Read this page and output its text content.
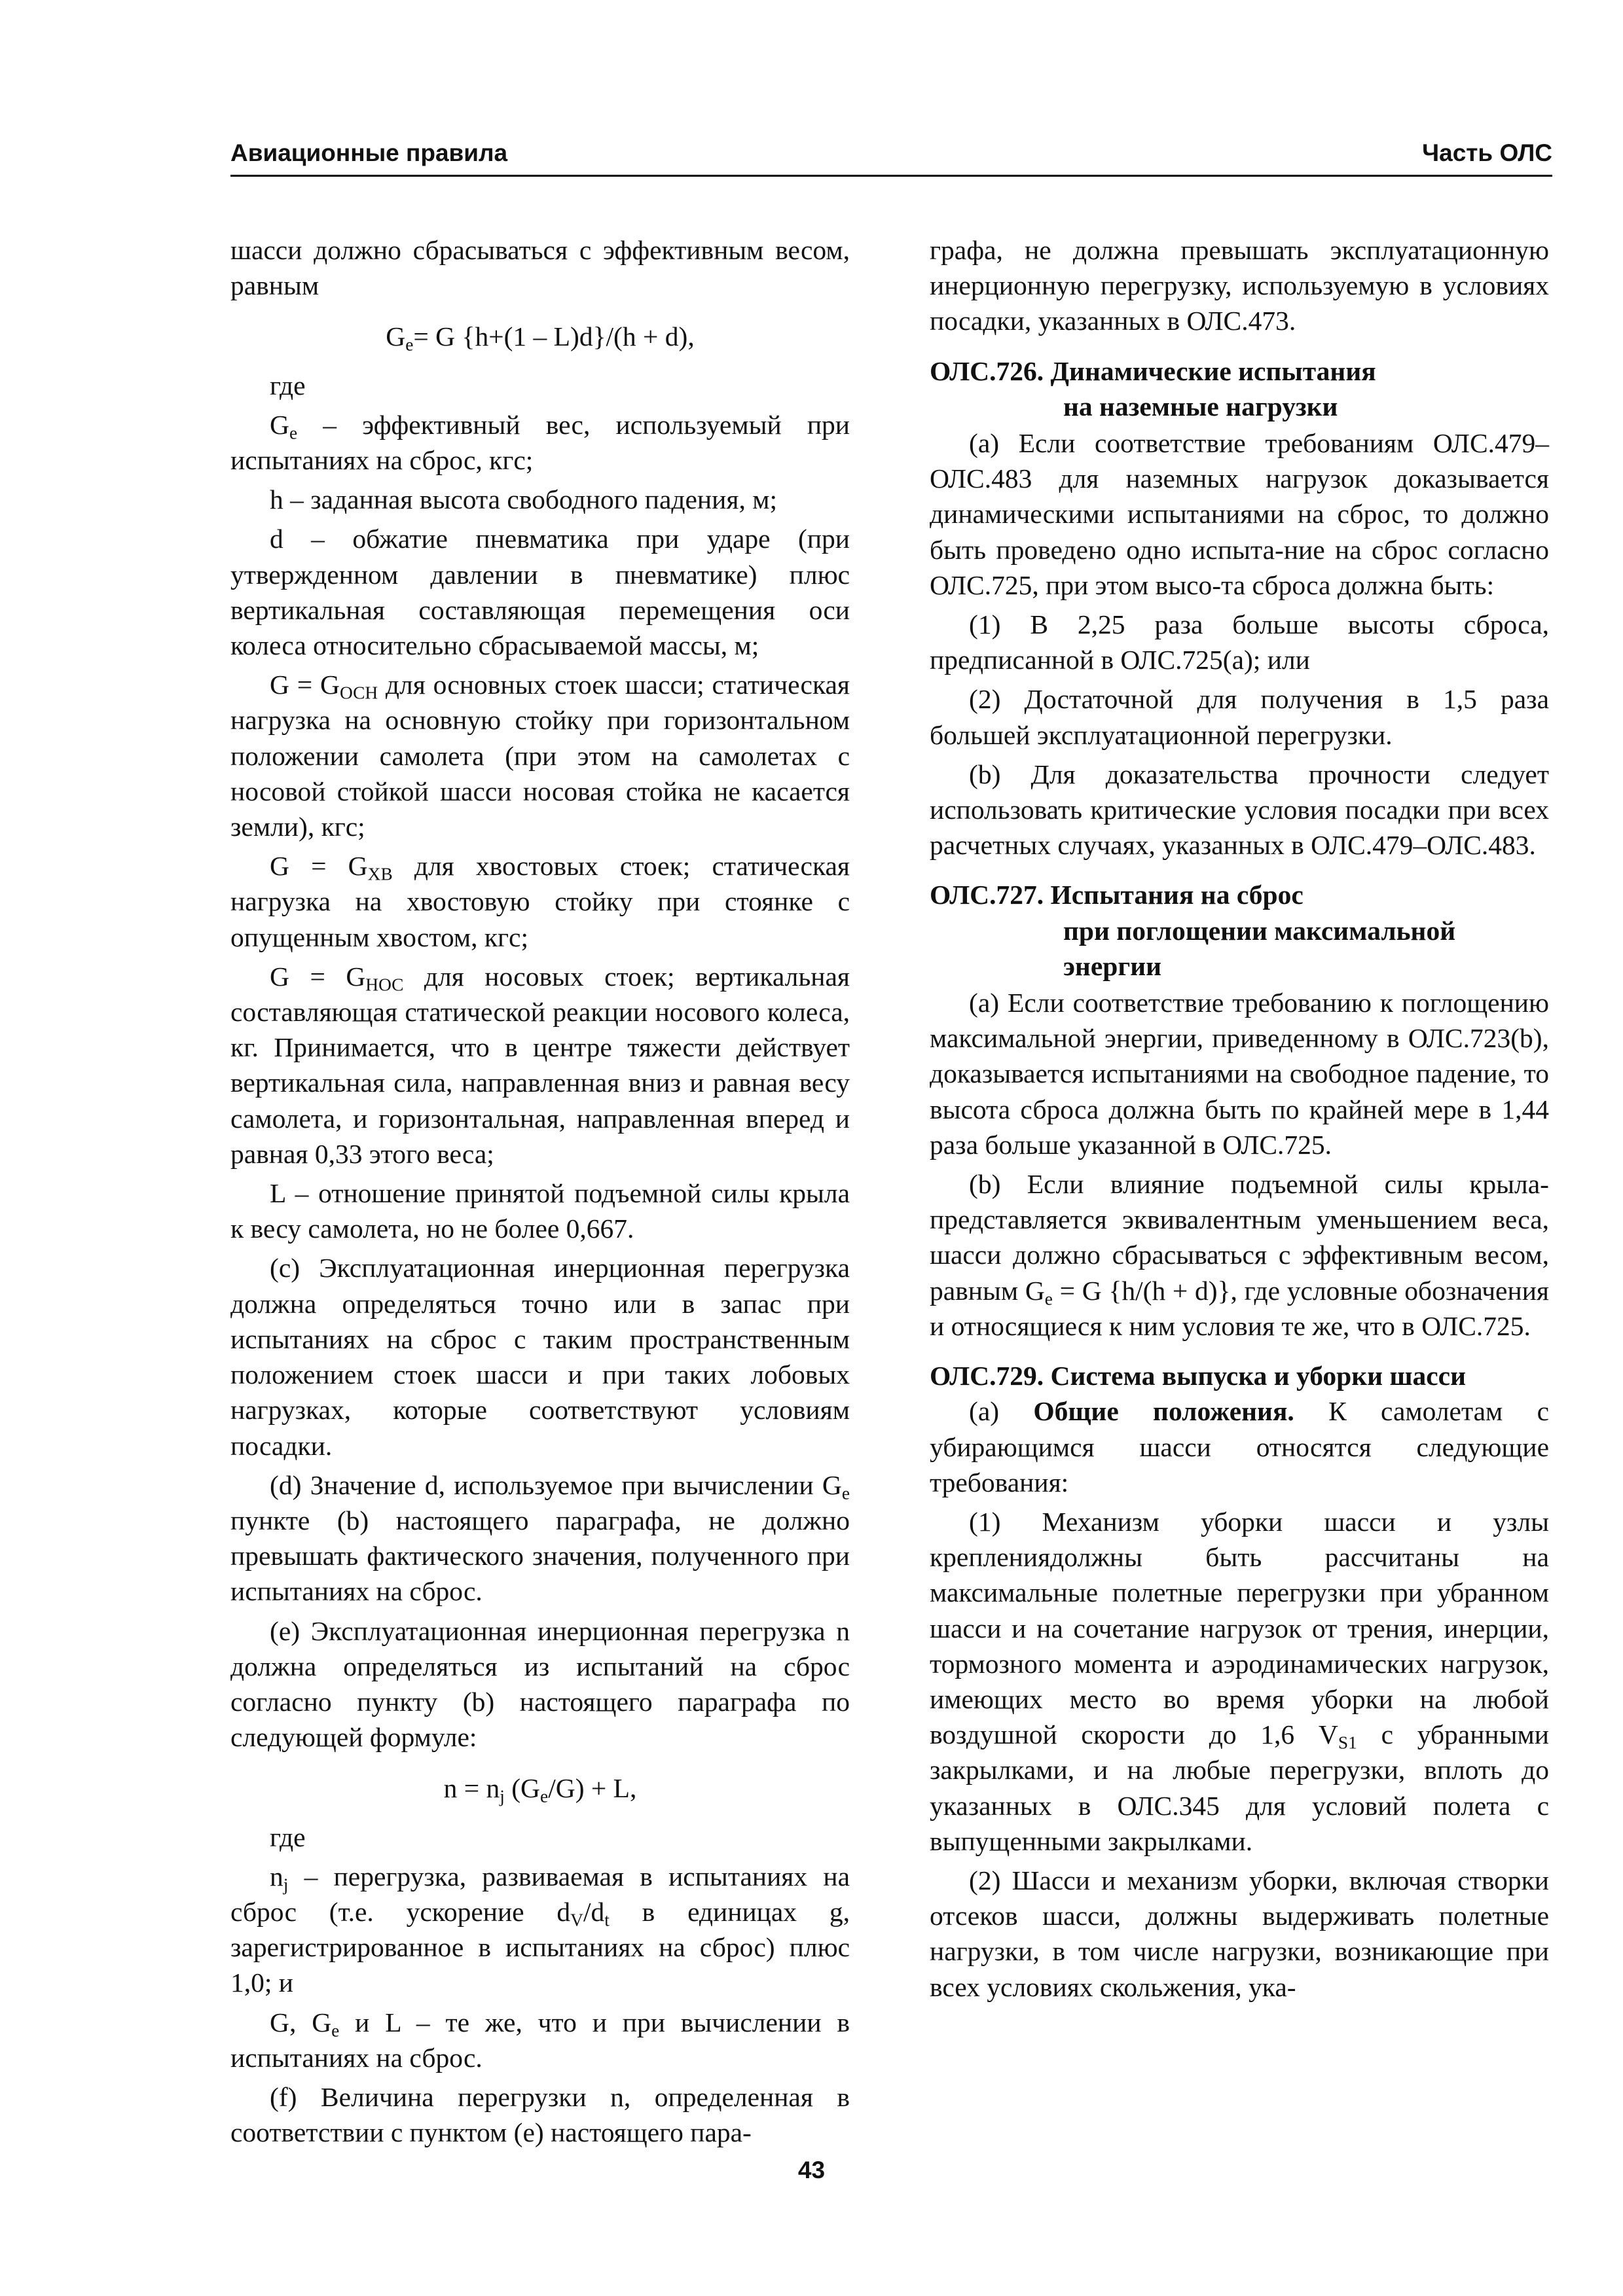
Авиационные правила	Часть ОЛС

шасси должно сбрасываться с эффективным весом, равным

$G_e= G$ {h+(1 – L)d}/(h + d),

где

$G_e$ – эффективный вес, используемый при испытаниях на сброс, кгс;

h – заданная высота свободного падения, м;

d – обжатие пневматика при ударе (при утвержденном давлении в пневматике) плюс вертикальная составляющая перемещения оси колеса относительно сбрасываемой массы, м;

$G = G_{ОСН}$ для основных стоек шасси; статическая нагрузка на основную стойку при горизонтальном положении самолета (при этом на самолетах с носовой стойкой шасси носовая стойка не касается земли), кгс;

$G = G_{ХВ}$ для хвостовых стоек; статическая нагрузка на хвостовую стойку при стоянке с опущенным хвостом, кгс;

$G = G_{НОС}$ для носовых стоек; вертикальная составляющая статической реакции носового колеса, кг. Принимается, что в центре тяжести действует вертикальная сила, направленная вниз и равная весу самолета, и горизонтальная, направленная вперед и равная 0,33 этого веса;

L – отношение принятой подъемной силы крыла к весу самолета, но не более 0,667.

(c) Эксплуатационная инерционная перегрузка должна определяться точно или в запас при испытаниях на сброс с таким пространственным положением стоек шасси и при таких лобовых нагрузках, которые соответствуют условиям посадки.

(d) Значение d, используемое при вычислении $G_e$ пункте (b) настоящего параграфа, не должно превышать фактического значения, полученного при испытаниях на сброс.

(e) Эксплуатационная инерционная перегрузка n должна определяться из испытаний на сброс согласно пункту (b) настоящего параграфа по следующей формуле:

$n = n_j$ $(G_e/G) + L$,

где

$n_j$ – перегрузка, развиваемая в испытаниях на сброс (т.е. ускорение $d_V/d_t$ в единицах g, зарегистрированное в испытаниях на сброс) плюс 1,0; и

G, $G_e$ и L – те же, что и при вычислении в испытаниях на сброс.

(f) Величина перегрузки n, определенная в соответствии с пунктом (e) настоящего пара-

графа, не должна превышать эксплуатационную инерционную перегрузку, используемую в условиях посадки, указанных в ОЛС.473.

ОЛС.726. Динамические испытания
на наземные нагрузки

(a) Если соответствие требованиям ОЛС.479–ОЛС.483 для наземных нагрузок доказывается динамическими испытаниями на сброс, то должно быть проведено одно испыта-ние на сброс согласно ОЛС.725, при этом высо-та сброса должна быть:

(1) В 2,25 раза больше высоты сброса, предписанной в ОЛС.725(a); или

(2) Достаточной для получения в 1,5 раза большей эксплуатационной перегрузки.

(b) Для доказательства прочности следует использовать критические условия посадки при всех расчетных случаях, указанных в ОЛС.479–ОЛС.483.

ОЛС.727. Испытания на сброс
при поглощении максимальной
энергии

(a) Если соответствие требованию к поглощению максимальной энергии, приведенному в ОЛС.723(b), доказывается испытаниями на свободное падение, то высота сброса должна быть по крайней мере в 1,44 раза больше указанной в ОЛС.725.

(b) Если влияние подъемной силы крыла-представляется эквивалентным уменьшением веса, шасси должно сбрасываться с эффективным весом, равным $G_e = G$ {h/(h + d)}, где условные обозначения и относящиеся к ним условия те же, что в ОЛС.725.

ОЛС.729. Система выпуска и уборки шасси

(a) Общие положения. К самолетам с убирающимся шасси относятся следующие требования:

(1) Механизм уборки шасси и узлы креплениядолжны быть рассчитаны на максимальные полетные перегрузки при убранном шасси и на сочетание нагрузок от трения, инерции, тормозного момента и аэродинамических нагрузок, имеющих место во время уборки на любой воздушной скорости до 1,6 $V_{S1}$ с убранными закрылками, и на любые перегрузки, вплоть до указанных в ОЛС.345 для условий полета с выпущенными закрылками.

(2) Шасси и механизм уборки, включая створки отсеков шасси, должны выдерживать полетные нагрузки, в том числе нагрузки, возникающие при всех условиях скольжения, ука-

43
